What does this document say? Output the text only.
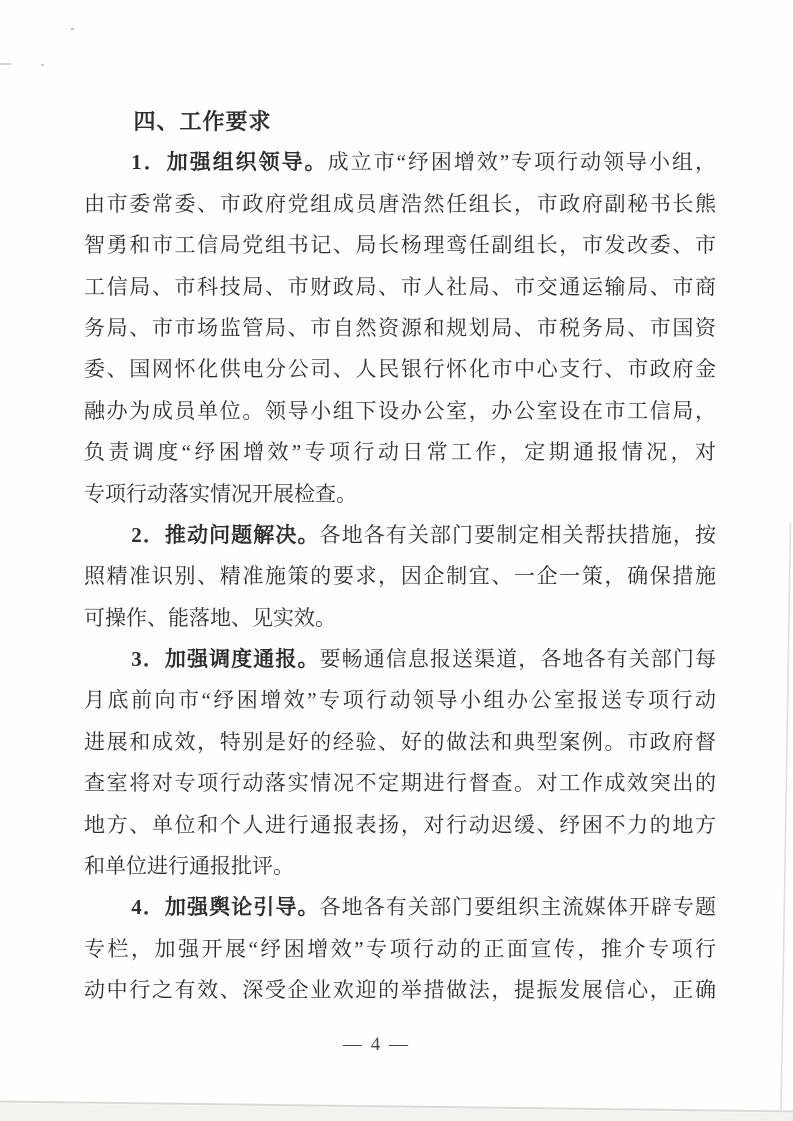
四、工作要求
1．加强组织领导。成立市“纾困增效”专项行动领导小组，
由市委常委、市政府党组成员唐浩然任组长，市政府副秘书长熊
智勇和市工信局党组书记、局长杨理鸾任副组长，市发改委、市
工信局、市科技局、市财政局、市人社局、市交通运输局、市商
务局、市市场监管局、市自然资源和规划局、市税务局、市国资
委、国网怀化供电分公司、人民银行怀化市中心支行、市政府金
融办为成员单位。领导小组下设办公室，办公室设在市工信局，
负责调度“纾困增效”专项行动日常工作，定期通报情况，对
专项行动落实情况开展检查。
2．推动问题解决。各地各有关部门要制定相关帮扶措施，按
照精准识别、精准施策的要求，因企制宜、一企一策，确保措施
可操作、能落地、见实效。
3．加强调度通报。要畅通信息报送渠道，各地各有关部门每
月底前向市“纾困增效”专项行动领导小组办公室报送专项行动
进展和成效，特别是好的经验、好的做法和典型案例。市政府督
查室将对专项行动落实情况不定期进行督查。对工作成效突出的
地方、单位和个人进行通报表扬，对行动迟缓、纾困不力的地方
和单位进行通报批评。
4．加强舆论引导。各地各有关部门要组织主流媒体开辟专题
专栏，加强开展“纾困增效”专项行动的正面宣传，推介专项行
动中行之有效、深受企业欢迎的举措做法，提振发展信心，正确
— 4 —
